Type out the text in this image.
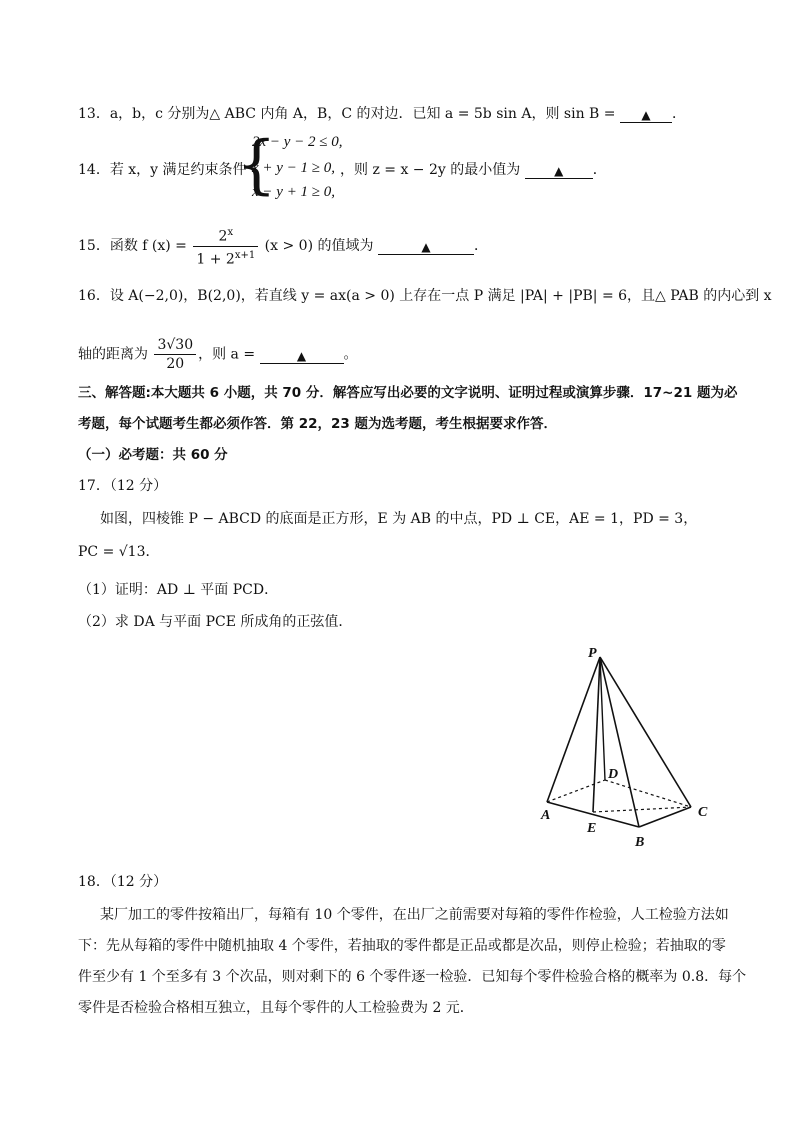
13．a，b，c 分别为△ ABC 内角 A，B，C 的对边．已知 a = 5b sin A，则 sin B = ▲ ．
14．若 x，y 满足约束条件
{
2x − y − 2 ≤ 0,
x + y − 1 ≥ 0,
x − y + 1 ≥ 0,
，则 z = x − 2y 的最小值为	▲ ．
15．函数 f $(x) = \frac{2^x}{1 + 2^{x+1}} (x > 0)$ 的值域为	▲	．
16．设 A(−2,0)，B(2,0)，若直线 y = ax(a > 0) 上存在一点 P 满足 |PA| + |PB| = 6，且△ PAB 的内心到 x
轴的距离为 $\frac{3√30}{20}$ ，则 a =	▲	。
三、解答题:本大题共 6 小题，共 70 分．解答应写出必要的文字说明、证明过程或演算步骤．17~21 题为必
考题，每个试题考生都必须作答．第 22，23 题为选考题，考生根据要求作答．
（一）必考题：共 60 分
17．（12 分）
如图，四棱锥 P − ABCD 的底面是正方形，E 为 AB 的中点，PD ⊥ CE，AE = 1，PD = 3，
PC = √13．
（1）证明：AD ⊥ 平面 PCD．
（2）求 DA 与平面 PCE 所成角的正弦值．
P
D
A
E
B
C
18．（12 分）
某厂加工的零件按箱出厂，每箱有 10 个零件，在出厂之前需要对每箱的零件作检验，人工检验方法如
下：先从每箱的零件中随机抽取 4 个零件，若抽取的零件都是正品或都是次品，则停止检验；若抽取的零
件至少有 1 个至多有 3 个次品，则对剩下的 6 个零件逐一检验．已知每个零件检验合格的概率为 0.8．每个
零件是否检验合格相互独立，且每个零件的人工检验费为 2 元．
